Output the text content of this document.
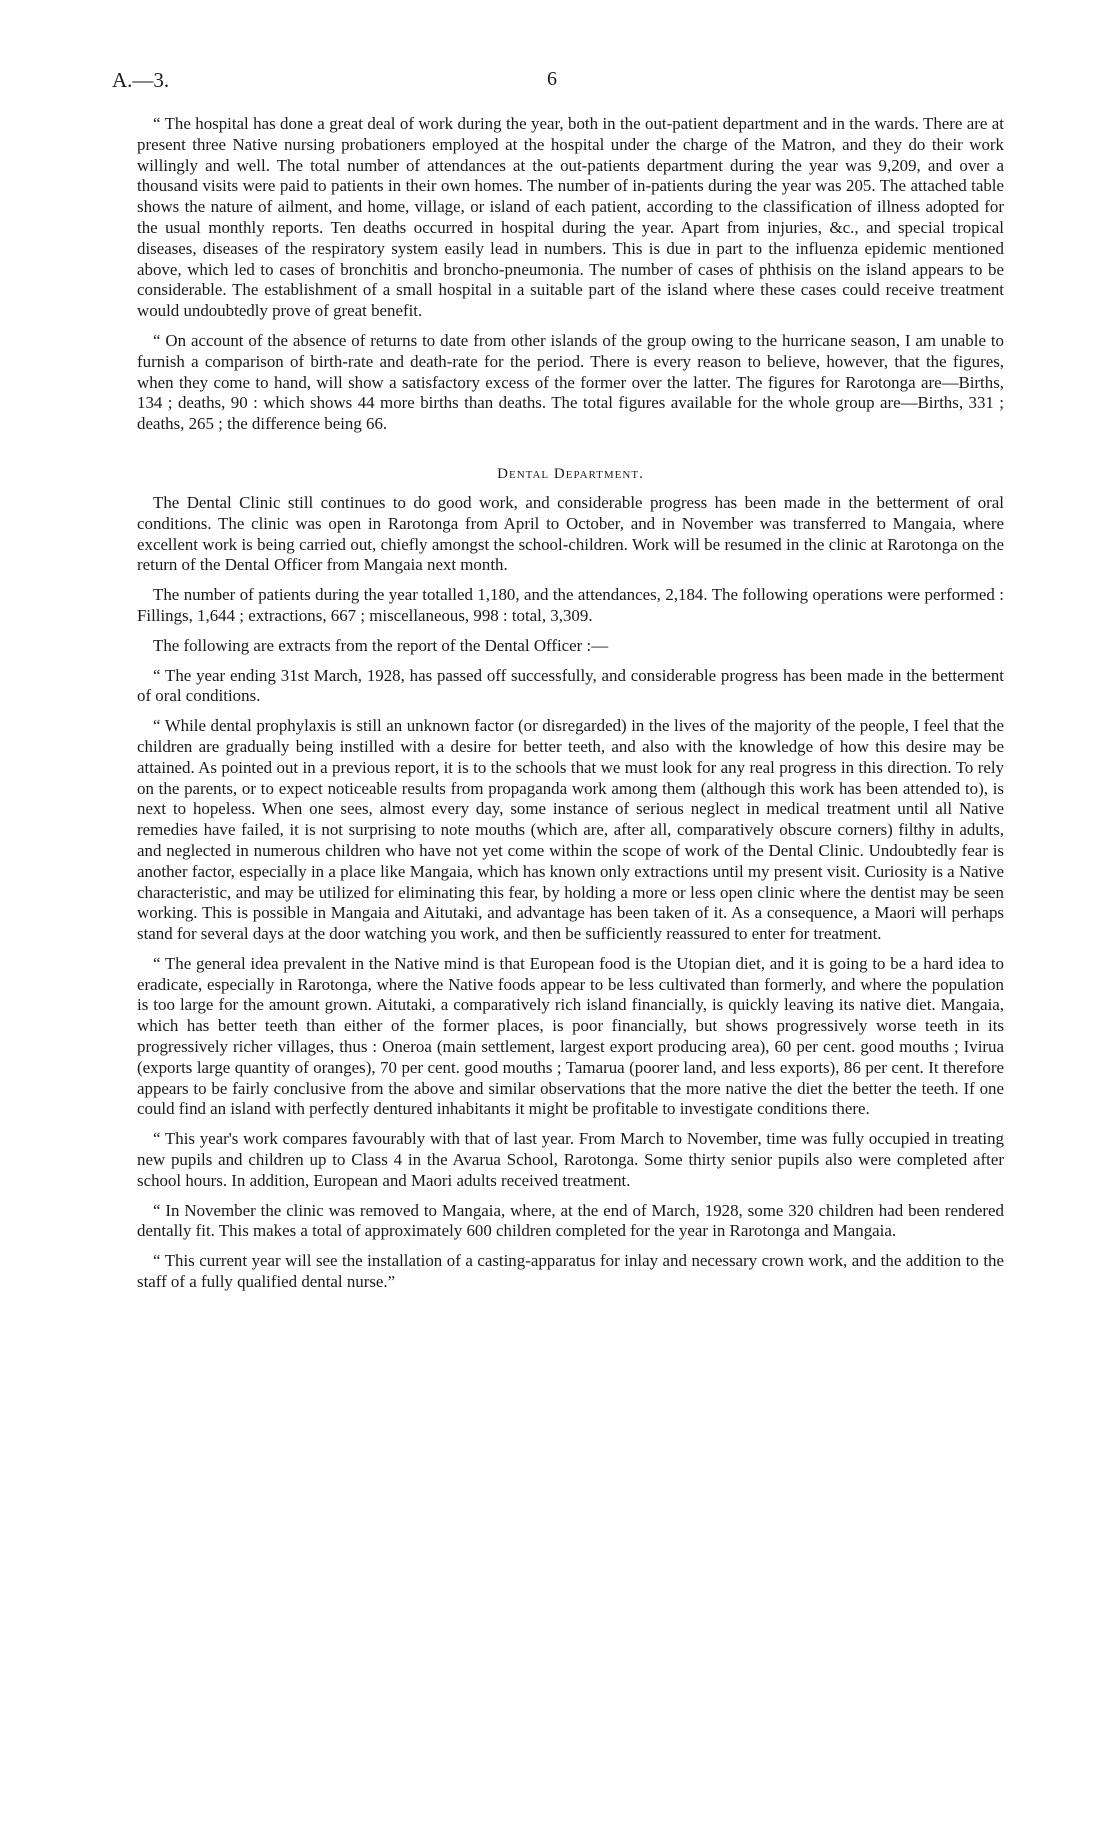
A.—3.	6

“ The hospital has done a great deal of work during the year, both in the out-patient department and in the wards. There are at present three Native nursing probationers employed at the hospital under the charge of the Matron, and they do their work willingly and well. The total number of attendances at the out-patients department during the year was 9,209, and over a thousand visits were paid to patients in their own homes. The number of in-patients during the year was 205. The attached table shows the nature of ailment, and home, village, or island of each patient, according to the classification of illness adopted for the usual monthly reports. Ten deaths occurred in hospital during the year. Apart from injuries, &c., and special tropical diseases, diseases of the respiratory system easily lead in numbers. This is due in part to the influenza epidemic mentioned above, which led to cases of bronchitis and broncho-pneumonia. The number of cases of phthisis on the island appears to be considerable. The establishment of a small hospital in a suitable part of the island where these cases could receive treatment would undoubtedly prove of great benefit.

“ On account of the absence of returns to date from other islands of the group owing to the hurricane season, I am unable to furnish a comparison of birth-rate and death-rate for the period. There is every reason to believe, however, that the figures, when they come to hand, will show a satisfactory excess of the former over the latter. The figures for Rarotonga are—Births, 134 ; deaths, 90 : which shows 44 more births than deaths. The total figures available for the whole group are—Births, 331 ; deaths, 265 ; the difference being 66.

Dental Department.

The Dental Clinic still continues to do good work, and considerable progress has been made in the betterment of oral conditions. The clinic was open in Rarotonga from April to October, and in November was transferred to Mangaia, where excellent work is being carried out, chiefly amongst the school-children. Work will be resumed in the clinic at Rarotonga on the return of the Dental Officer from Mangaia next month.

The number of patients during the year totalled 1,180, and the attendances, 2,184. The following operations were performed : Fillings, 1,644 ; extractions, 667 ; miscellaneous, 998 : total, 3,309.

The following are extracts from the report of the Dental Officer :—

“ The year ending 31st March, 1928, has passed off successfully, and considerable progress has been made in the betterment of oral conditions.

“ While dental prophylaxis is still an unknown factor (or disregarded) in the lives of the majority of the people, I feel that the children are gradually being instilled with a desire for better teeth, and also with the knowledge of how this desire may be attained. As pointed out in a previous report, it is to the schools that we must look for any real progress in this direction. To rely on the parents, or to expect noticeable results from propaganda work among them (although this work has been attended to), is next to hopeless. When one sees, almost every day, some instance of serious neglect in medical treatment until all Native remedies have failed, it is not surprising to note mouths (which are, after all, comparatively obscure corners) filthy in adults, and neglected in numerous children who have not yet come within the scope of work of the Dental Clinic. Undoubtedly fear is another factor, especially in a place like Mangaia, which has known only extractions until my present visit. Curiosity is a Native characteristic, and may be utilized for eliminating this fear, by holding a more or less open clinic where the dentist may be seen working. This is possible in Mangaia and Aitutaki, and advantage has been taken of it. As a consequence, a Maori will perhaps stand for several days at the door watching you work, and then be sufficiently reassured to enter for treatment.

“ The general idea prevalent in the Native mind is that European food is the Utopian diet, and it is going to be a hard idea to eradicate, especially in Rarotonga, where the Native foods appear to be less cultivated than formerly, and where the population is too large for the amount grown. Aitutaki, a comparatively rich island financially, is quickly leaving its native diet. Mangaia, which has better teeth than either of the former places, is poor financially, but shows progressively worse teeth in its progressively richer villages, thus : Oneroa (main settlement, largest export producing area), 60 per cent. good mouths ; Ivirua (exports large quantity of oranges), 70 per cent. good mouths ; Tamarua (poorer land, and less exports), 86 per cent. It therefore appears to be fairly conclusive from the above and similar observations that the more native the diet the better the teeth. If one could find an island with perfectly dentured inhabitants it might be profitable to investigate conditions there.

“ This year's work compares favourably with that of last year. From March to November, time was fully occupied in treating new pupils and children up to Class 4 in the Avarua School, Rarotonga. Some thirty senior pupils also were completed after school hours. In addition, European and Maori adults received treatment.

“ In November the clinic was removed to Mangaia, where, at the end of March, 1928, some 320 children had been rendered dentally fit. This makes a total of approximately 600 children completed for the year in Rarotonga and Mangaia.

“ This current year will see the installation of a casting-apparatus for inlay and necessary crown work, and the addition to the staff of a fully qualified dental nurse.”
